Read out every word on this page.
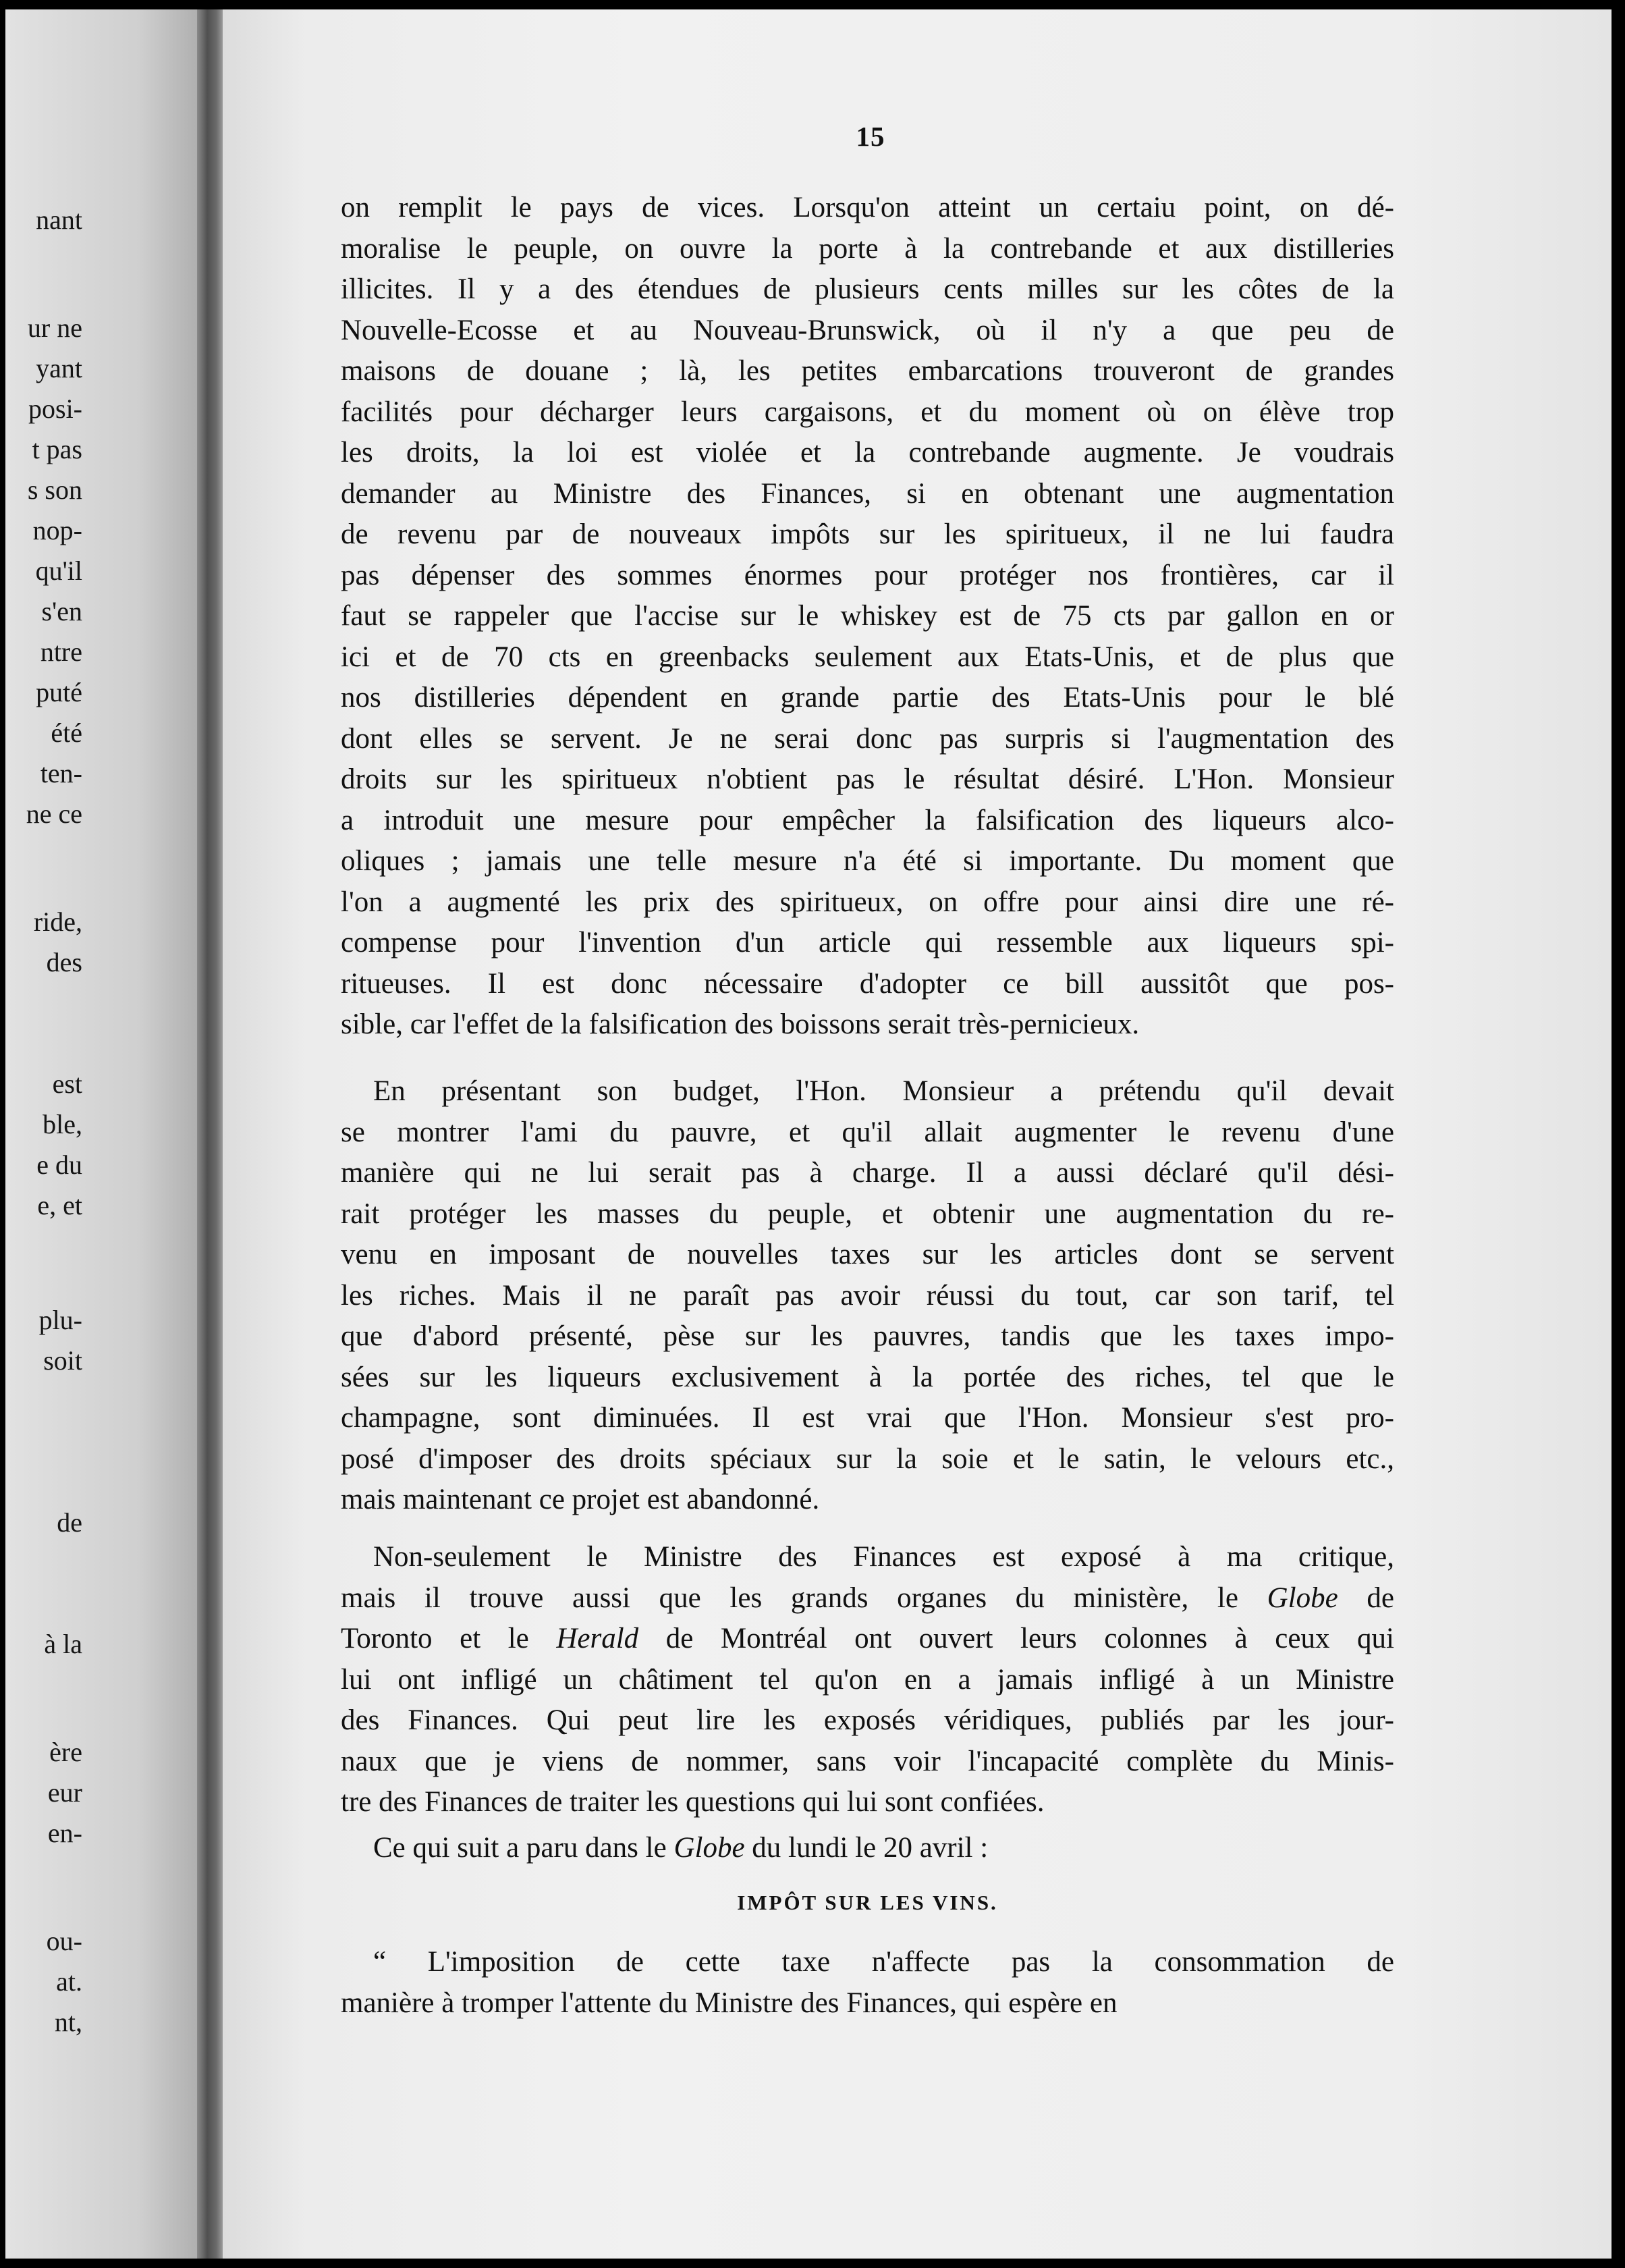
nant
ur ne
yant
posi-
t pas
s son
nop-
qu'il
s'en
ntre
puté
été
ten-
ne ce
ride,
des
est
ble,
e du
e, et
plu-
soit
de
à la
ère
eur
en-
ou-
at.
nt,
15
on remplit le pays de vices. Lorsqu'on atteint un certaiu point, on dé-
moralise le peuple, on ouvre la porte à la contrebande et aux distilleries
illicites. Il y a des étendues de plusieurs cents milles sur les côtes de la
Nouvelle-Ecosse et au Nouveau-Brunswick, où il n'y a que peu de
maisons de douane ; là, les petites embarcations trouveront de grandes
facilités pour décharger leurs cargaisons, et du moment où on élève trop
les droits, la loi est violée et la contrebande augmente. Je voudrais
demander au Ministre des Finances, si en obtenant une augmentation
de revenu par de nouveaux impôts sur les spiritueux, il ne lui faudra
pas dépenser des sommes énormes pour protéger nos frontières, car il
faut se rappeler que l'accise sur le whiskey est de 75 cts par gallon en or
ici et de 70 cts en greenbacks seulement aux Etats-Unis, et de plus que
nos distilleries dépendent en grande partie des Etats-Unis pour le blé
dont elles se servent. Je ne serai donc pas surpris si l'augmentation des
droits sur les spiritueux n'obtient pas le résultat désiré. L'Hon. Monsieur
a introduit une mesure pour empêcher la falsification des liqueurs alco-
oliques ; jamais une telle mesure n'a été si importante. Du moment que
l'on a augmenté les prix des spiritueux, on offre pour ainsi dire une ré-
compense pour l'invention d'un article qui ressemble aux liqueurs spi-
ritueuses. Il est donc nécessaire d'adopter ce bill aussitôt que pos-
sible, car l'effet de la falsification des boissons serait très-pernicieux.
En présentant son budget, l'Hon. Monsieur a prétendu qu'il devait
se montrer l'ami du pauvre, et qu'il allait augmenter le revenu d'une
manière qui ne lui serait pas à charge. Il a aussi déclaré qu'il dési-
rait protéger les masses du peuple, et obtenir une augmentation du re-
venu en imposant de nouvelles taxes sur les articles dont se servent
les riches. Mais il ne paraît pas avoir réussi du tout, car son tarif, tel
que d'abord présenté, pèse sur les pauvres, tandis que les taxes impo-
sées sur les liqueurs exclusivement à la portée des riches, tel que le
champagne, sont diminuées. Il est vrai que l'Hon. Monsieur s'est pro-
posé d'imposer des droits spéciaux sur la soie et le satin, le velours etc.,
mais maintenant ce projet est abandonné.
Non-seulement le Ministre des Finances est exposé à ma critique,
mais il trouve aussi que les grands organes du ministère, le Globe de
Toronto et le Herald de Montréal ont ouvert leurs colonnes à ceux qui
lui ont infligé un châtiment tel qu'on en a jamais infligé à un Ministre
des Finances. Qui peut lire les exposés véridiques, publiés par les jour-
naux que je viens de nommer, sans voir l'incapacité complète du Minis-
tre des Finances de traiter les questions qui lui sont confiées.
Ce qui suit a paru dans le Globe du lundi le 20 avril :
IMPÔT SUR LES VINS.
“ L'imposition de cette taxe n'affecte pas la consommation de
manière à tromper l'attente du Ministre des Finances, qui espère en
